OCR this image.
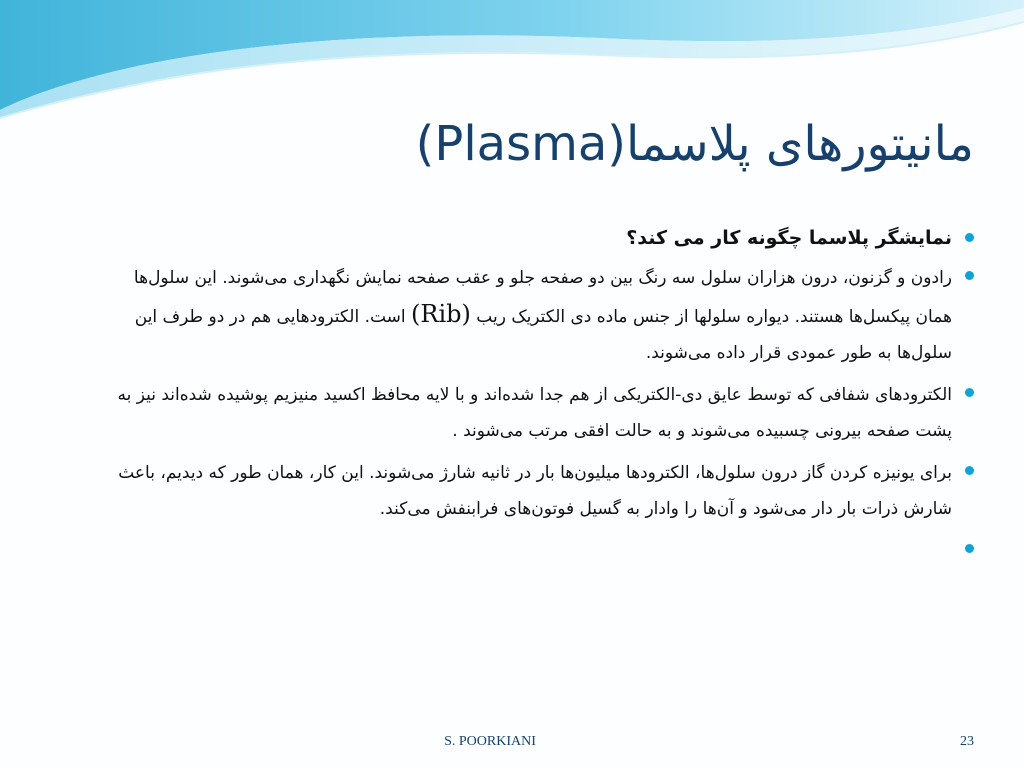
مانیتورهای پلاسما(Plasma)
نمایشگر پلاسما چگونه کار می کند؟
رادون و گزنون، درون هزاران سلول سه رنگ بین دو صفحه جلو و عقب صفحه نمایش نگهداری می‌شوند. این سلول‌ها همان پیکسل‌ها هستند. دیواره سلولها از جنس ماده دی الکتریک ریب (Rib) است. الکترودهایی هم در دو طرف این سلول‌ها به طور عمودی قرار داده می‌شوند.
الکترودهای شفافی که توسط عایق دی-الکتریکی از هم جدا شده‌اند و با لایه محافظ اکسید منیزیم پوشیده شده‌اند نیز به پشت صفحه بیرونی چسبیده می‌شوند و به حالت افقی مرتب می‌شوند .
برای یونیزه کردن گاز درون سلول‌ها، الکترودها میلیون‌ها بار در ثانیه شارژ می‌شوند. این کار، همان طور که دیدیم، باعث شارش ذرات بار دار می‌شود و آن‌ها را وادار به گسیل فوتون‌های فرابنفش می‌کند.
S. POORKIANI	23
